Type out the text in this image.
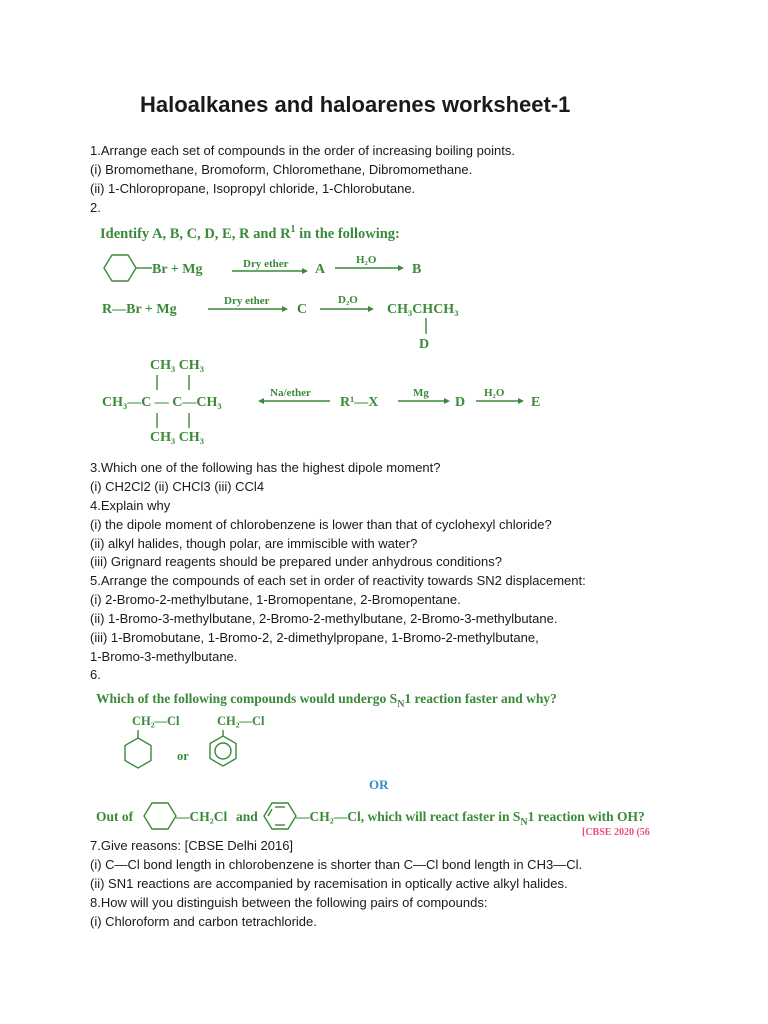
Haloalkanes and haloarenes worksheet-1
1.Arrange each set of compounds in the order of increasing boiling points.
(i) Bromomethane, Bromoform, Chloromethane, Dibromomethane.
(ii) 1-Chloropropane, Isopropyl chloride, 1-Chlorobutane.
2.
Identify A, B, C, D, E, R and $R^1$ in the following:
Br + Mg	Dry ether A
H₂O
B
R—Br + Mg
Dry ether
C
D₂O
CH₃CHCH₃
D
CH₃ CH₃
CH₃—C — C—CH₃
CH₃ CH₃
Na/ether
R¹—X
Mg
D
H₂O
E
3.Which one of the following has the highest dipole moment?
(i) CH2Cl2 (ii) CHCl3 (iii) CCl4
4.Explain why
(i) the dipole moment of chlorobenzene is lower than that of cyclohexyl chloride?
(ii) alkyl halides, though polar, are immiscible with water?
(iii) Grignard reagents should be prepared under anhydrous conditions?
5.Arrange the compounds of each set in order of reactivity towards SN2 displacement:
(i) 2-Bromo-2-methylbutane, 1-Bromopentane, 2-Bromopentane.
(ii) 1-Bromo-3-methylbutane, 2-Bromo-2-methylbutane, 2-Bromo-3-methylbutane.
(iii) 1-Bromobutane, 1-Bromo-2, 2-dimethylpropane, 1-Bromo-2-methylbutane,
1-Bromo-3-methylbutane.
6.
Which of the following compounds would undergo $S_N1$ reaction faster and why?
CH₂—Cl
or
CH₂—Cl
OR
Out of	—CH₂Cl and	—CH₂—Cl, which will react faster in $S_N1$ reaction with OH?
[CBSE 2020 (56
7.Give reasons: [CBSE Delhi 2016]
(i) C—Cl bond length in chlorobenzene is shorter than C—Cl bond length in CH3—Cl.
(ii) SN1 reactions are accompanied by racemisation in optically active alkyl halides.
8.How will you distinguish between the following pairs of compounds:
(i) Chloroform and carbon tetrachloride.
